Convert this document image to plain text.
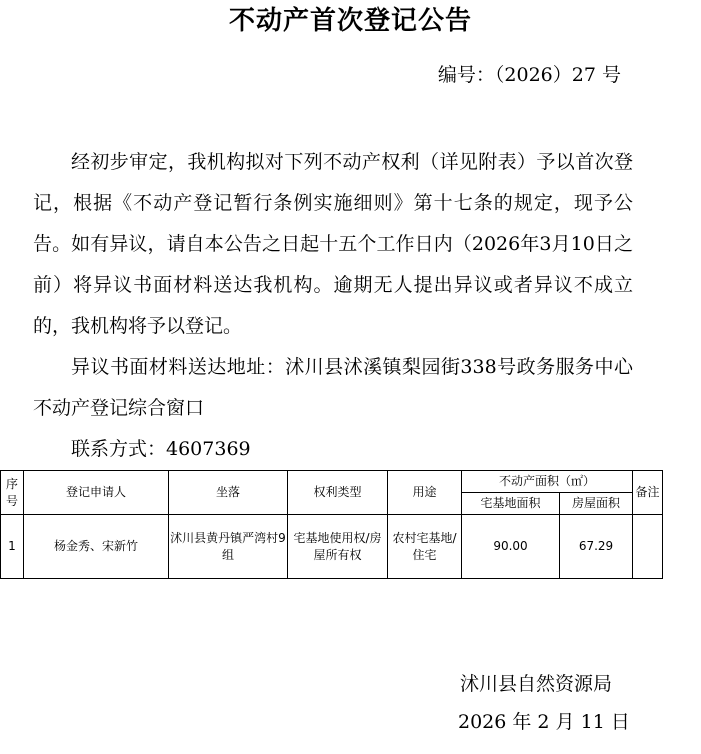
不动产首次登记公告
编号：（2026）27 号

经初步审定，我机构拟对下列不动产权利（详见附表）予以首次登记，根据《不动产登记暂行条例实施细则》第十七条的规定，现予公告。如有异议，请自本公告之日起十五个工作日内（2026年3月10日之前）将异议书面材料送达我机构。逾期无人提出异议或者异议不成立的，我机构将予以登记。

异议书面材料送达地址：沭川县沭溪镇梨园街338号政务服务中心不动产登记综合窗口

联系方式：4607369

序号	登记申请人	坐落	权利类型	用途	不动产面积（㎡）		备注
					宅基地面积	房屋面积	
1	杨金秀、宋新竹	沭川县黄丹镇严湾村9组	宅基地使用权/房屋所有权	农村宅基地/住宅	90.00	67.29	
沭川县自然资源局
2026 年 2 月 11 日
